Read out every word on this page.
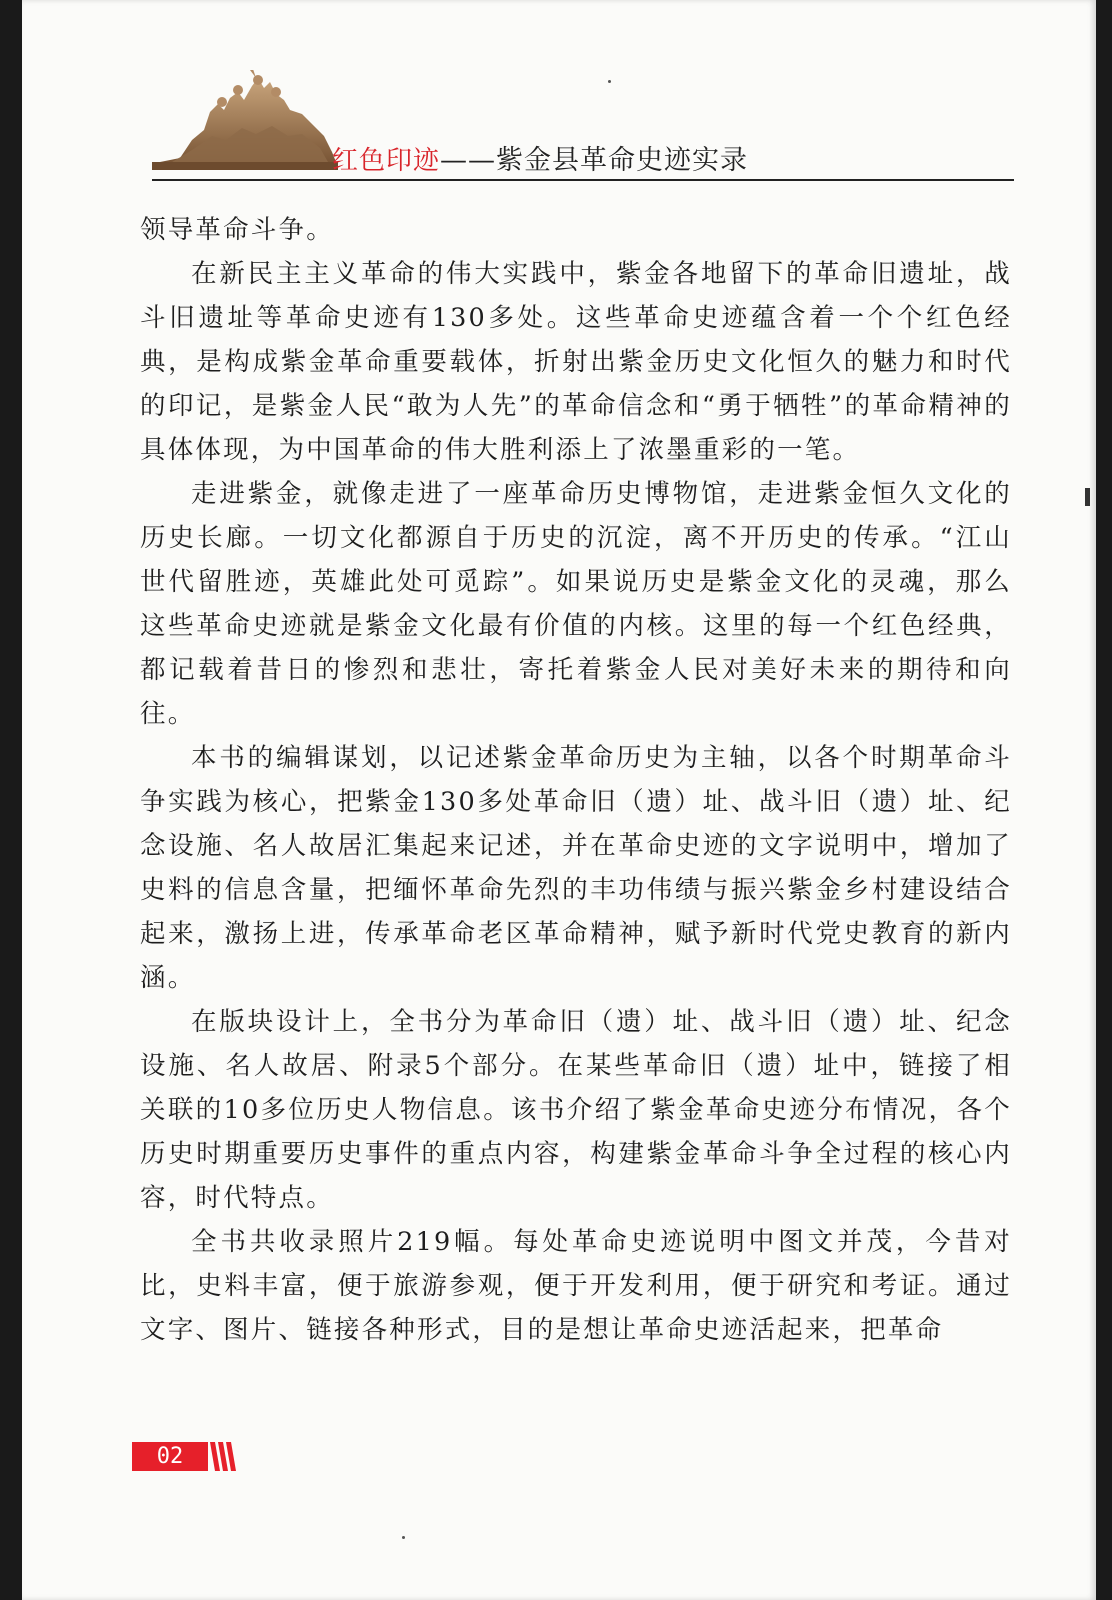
红色印迹——紫金县革命史迹实录

领导革命斗争。

在新民主主义革命的伟大实践中，紫金各地留下的革命旧遗址，战斗旧遗址等革命史迹有130多处。这些革命史迹蕴含着一个个红色经典，是构成紫金革命重要载体，折射出紫金历史文化恒久的魅力和时代的印记，是紫金人民“敢为人先”的革命信念和“勇于牺牲”的革命精神的具体体现，为中国革命的伟大胜利添上了浓墨重彩的一笔。

走进紫金，就像走进了一座革命历史博物馆，走进紫金恒久文化的历史长廊。一切文化都源自于历史的沉淀，离不开历史的传承。“江山世代留胜迹，英雄此处可觅踪”。如果说历史是紫金文化的灵魂，那么这些革命史迹就是紫金文化最有价值的内核。这里的每一个红色经典，都记载着昔日的惨烈和悲壮，寄托着紫金人民对美好未来的期待和向往。

本书的编辑谋划，以记述紫金革命历史为主轴，以各个时期革命斗争实践为核心，把紫金130多处革命旧（遗）址、战斗旧（遗）址、纪念设施、名人故居汇集起来记述，并在革命史迹的文字说明中，增加了史料的信息含量，把缅怀革命先烈的丰功伟绩与振兴紫金乡村建设结合起来，激扬上进，传承革命老区革命精神，赋予新时代党史教育的新内涵。

在版块设计上，全书分为革命旧（遗）址、战斗旧（遗）址、纪念设施、名人故居、附录5个部分。在某些革命旧（遗）址中，链接了相关联的10多位历史人物信息。该书介绍了紫金革命史迹分布情况，各个历史时期重要历史事件的重点内容，构建紫金革命斗争全过程的核心内容，时代特点。

全书共收录照片219幅。每处革命史迹说明中图文并茂，今昔对比，史料丰富，便于旅游参观，便于开发利用，便于研究和考证。通过文字、图片、链接各种形式，目的是想让革命史迹活起来，把革命

02
